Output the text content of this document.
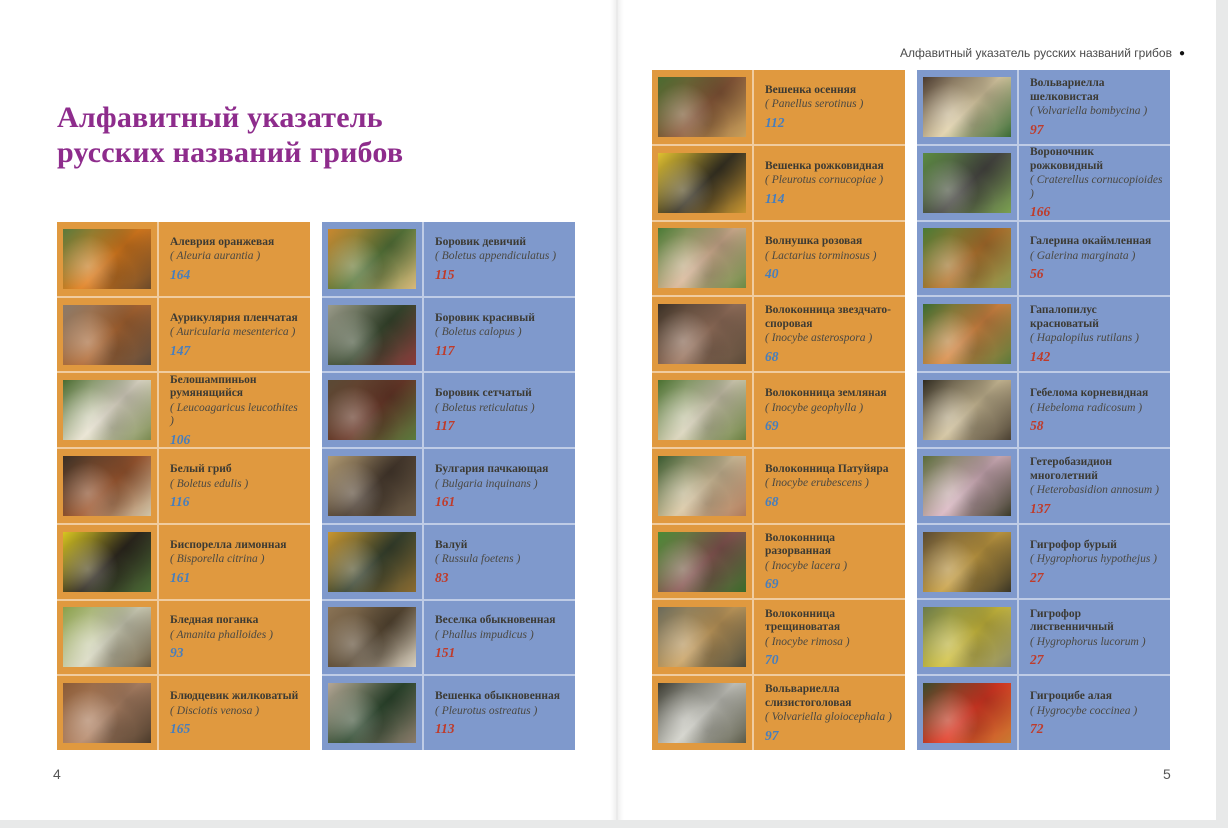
Алфавитный указатель
русских названий грибов
Алеврия оранжевая
( Aleuria aurantia )
164
Аурикулярия пленчатая
( Auricularia mesenterica )
147
Белошампиньон румянящийся
( Leucoagaricus leucothites )
106
Белый гриб
( Boletus edulis )
116
Биспорелла лимонная
( Bisporella citrina )
161
Бледная поганка
( Amanita phalloides )
93
Блюдцевик жилковатый
( Disciotis venosa )
165
Боровик девичий
( Boletus appendiculatus )
115
Боровик красивый
( Boletus calopus )
117
Боровик сетчатый
( Boletus reticulatus )
117
Булгария пачкающая
( Bulgaria inquinans )
161
Валуй
( Russula foetens )
83
Веселка обыкновенная
( Phallus impudicus )
151
Вешенка обыкновенная
( Pleurotus ostreatus )
113
4
Алфавитный указатель русских названий грибов ●
Вешенка осенняя
( Panellus serotinus )
112
Вешенка рожковидная
( Pleurotus cornucopiae )
114
Волнушка розовая
( Lactarius torminosus )
40
Волоконница звездчато-споровая
( Inocybe asterospora )
68
Волоконница земляная
( Inocybe geophylla )
69
Волоконница Патуйяра
( Inocybe erubescens )
68
Волоконница разорванная
( Inocybe lacera )
69
Волоконница трещиноватая
( Inocybe rimosa )
70
Вольвариелла слизистоголовая
( Volvariella gloiocephala )
97
Вольвариелла шелковистая
( Volvariella bombycina )
97
Вороночник рожковидный
( Craterellus cornucopioides )
166
Галерина окаймленная
( Galerina marginata )
56
Гапалопилус красноватый
( Hapalopilus rutilans )
142
Гебелома корневидная
( Hebeloma radicosum )
58
Гетеробазидион многолетний
( Heterobasidion annosum )
137
Гигрофор бурый
( Hygrophorus hypothejus )
27
Гигрофор лиственничный
( Hygrophorus lucorum )
27
Гигроцибе алая
( Hygrocybe coccinea )
72
5
